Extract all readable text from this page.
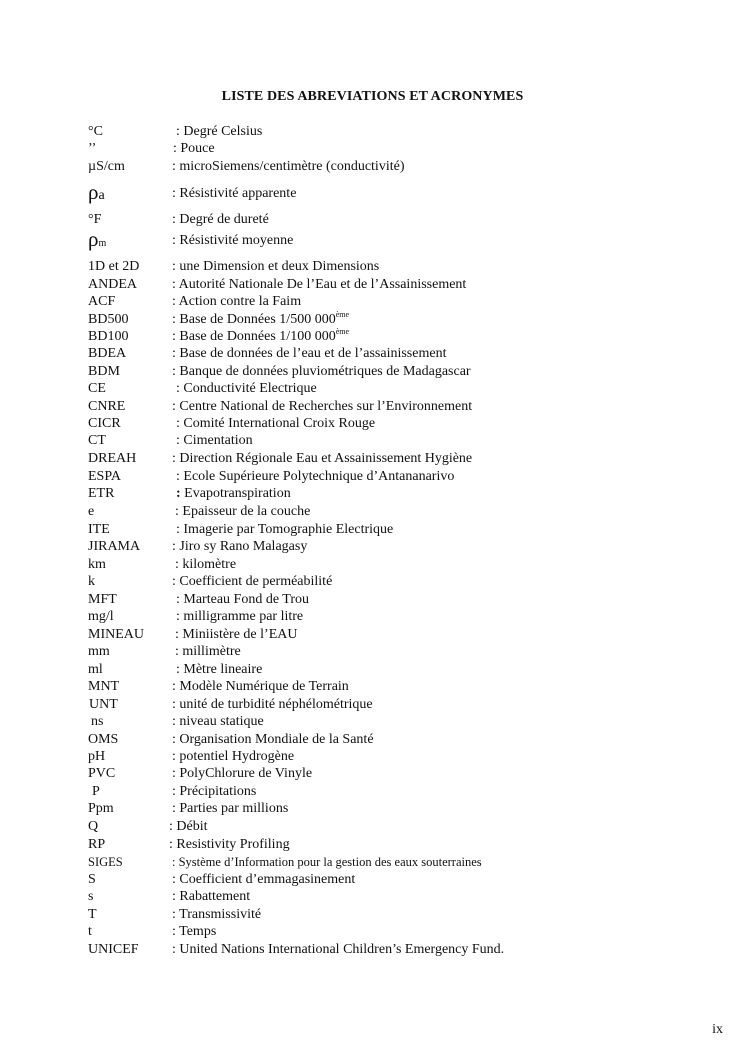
LISTE DES ABREVIATIONS ET ACRONYMES
°C	: Degré Celsius
’’	: Pouce
µS/cm	: microSiemens/centimètre (conductivité)
ρa	: Résistivité apparente
°F	: Degré de dureté
ρm	: Résistivité moyenne
1D et 2D : une Dimension et deux Dimensions
ANDEA	: Autorité Nationale De l’Eau et de l’Assainissement
ACF	: Action contre la Faim
BD500	: Base de Données 1/500 000ème
BD100	: Base de Données 1/100 000ème
BDEA	: Base de données de l’eau et de l’assainissement
BDM	: Banque de données pluviométriques de Madagascar
CE	: Conductivité Electrique
CNRE	: Centre National de Recherches sur l’Environnement
CICR	: Comité International Croix Rouge
CT	: Cimentation
DREAH	: Direction Régionale Eau et Assainissement Hygiène
ESPA	: Ecole Supérieure Polytechnique d’Antananarivo
ETR	: Evapotranspiration
e	: Epaisseur de la couche
ITE	: Imagerie par Tomographie Electrique
JIRAMA : Jiro sy Rano Malagasy
km	: kilomètre
k	: Coefficient de perméabilité
MFT	: Marteau Fond de Trou
mg/l	: milligramme par litre
MINEAU : Miniistère de l’EAU
mm	: millimètre
ml	: Mètre lineaire
MNT	: Modèle Numérique de Terrain
UNT	: unité de turbidité néphélométrique
ns	: niveau statique
OMS	: Organisation Mondiale de la Santé
pH	: potentiel Hydrogène
PVC	: PolyChlorure de Vinyle
P	: Précipitations
Ppm	: Parties par millions
Q	: Débit
RP	: Resistivity Profiling
SIGES	: Système d’Information pour la gestion des eaux souterraines
S	: Coefficient d’emmagasinement
s	: Rabattement
T	: Transmissivité
t	: Temps
UNICEF : United Nations International Children’s Emergency Fund.
ix
